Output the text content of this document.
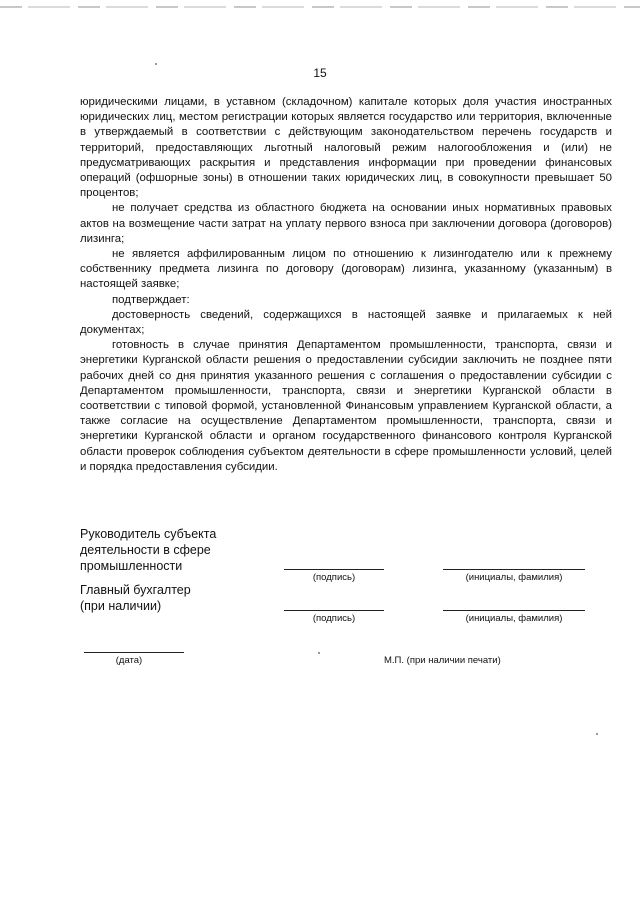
15

юридическими лицами, в уставном (складочном) капитале которых доля участия иностранных юридических лиц, местом регистрации которых является государство или территория, включенные в утверждаемый в соответствии с действующим законодательством перечень государств и территорий, предоставляющих льготный налоговый режим налогообложения и (или) не предусматривающих раскрытия и представления информации при проведении финансовых операций (офшорные зоны) в отношении таких юридических лиц, в совокупности превышает 50 процентов;

не получает средства из областного бюджета на основании иных нормативных правовых актов на возмещение части затрат на уплату первого взноса при заключении договора (договоров) лизинга;

не является аффилированным лицом по отношению к лизингодателю или к прежнему собственнику предмета лизинга по договору (договорам) лизинга, указанному (указанным) в настоящей заявке;

подтверждает:

достоверность сведений, содержащихся в настоящей заявке и прилагаемых к ней документах;

готовность в случае принятия Департаментом промышленности, транспорта, связи и энергетики Курганской области решения о предоставлении субсидии заключить не позднее пяти рабочих дней со дня принятия указанного решения с соглашения о предоставлении субсидии с Департаментом промышленности, транспорта, связи и энергетики Курганской области в соответствии с типовой формой, установленной Финансовым управлением Курганской области, а также согласие на осуществление Департаментом промышленности, транспорта, связи и энергетики Курганской области и органом государственного финансового контроля Курганской области проверок соблюдения субъектом деятельности в сфере промышленности условий, целей и порядка предоставления субсидии.

Руководитель субъекта
деятельности в сфере
промышленности
(подпись)	(инициалы, фамилия)
Главный бухгалтер
(при наличии)
(подпись)	(инициалы, фамилия)
(дата)	М.П. (при наличии печати)
